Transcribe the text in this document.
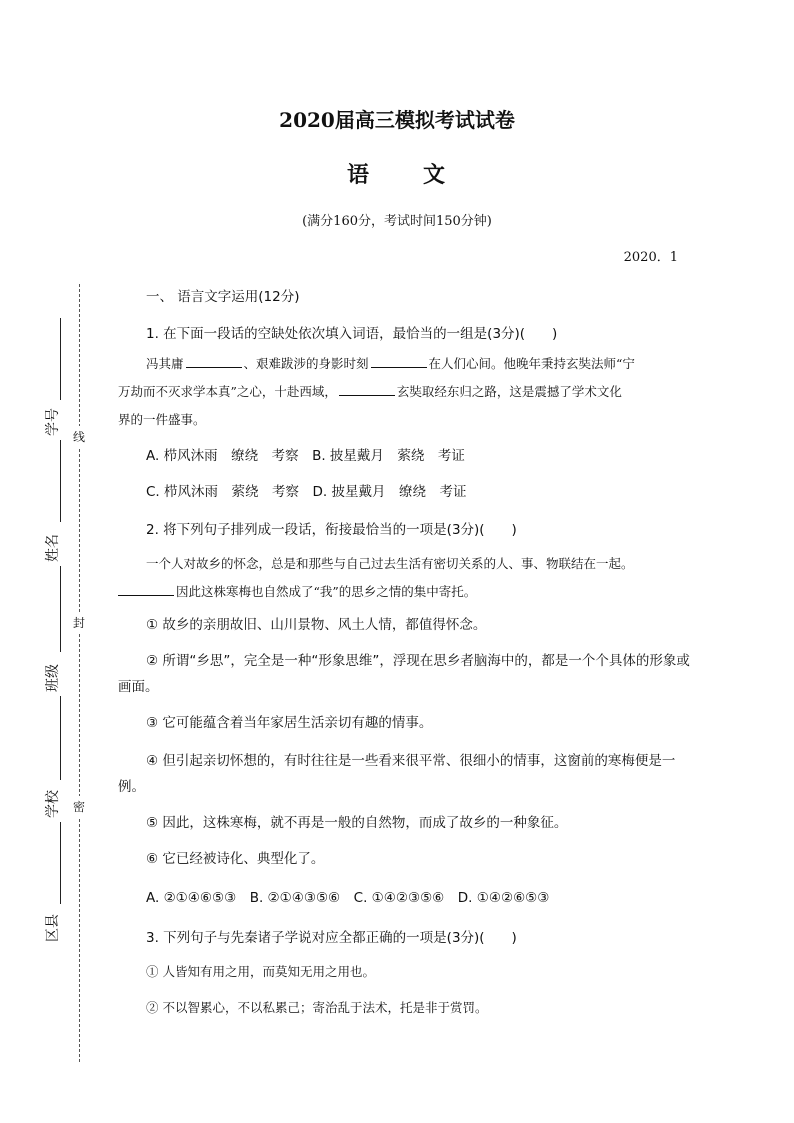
2020届高三模拟考试试卷
语 文
(满分160分，考试时间150分钟)
2020．1
线
封
密
学号
姓名
班级
学校
区县
一、 语言文字运用(12分)
1. 在下面一段话的空缺处依次填入词语，最恰当的一组是(3分)(　　)
冯其庸	、艰难跋涉的身影时刻	在人们心间。他晚年秉持玄奘法师“宁
万劫而不灭求学本真”之心，十赴西域，	玄奘取经东归之路，这是震撼了学术文化
界的一件盛事。
A. 栉风沐雨　缭绕　考察　B. 披星戴月　萦绕　考证
C. 栉风沐雨　萦绕　考察　D. 披星戴月　缭绕　考证
2. 将下列句子排列成一段话，衔接最恰当的一项是(3分)(　　)
一个人对故乡的怀念，总是和那些与自己过去生活有密切关系的人、事、物联结在一起。
因此这株寒梅也自然成了“我”的思乡之情的集中寄托。
① 故乡的亲朋故旧、山川景物、风土人情，都值得怀念。
② 所谓“乡思”，完全是一种“形象思维”，浮现在思乡者脑海中的，都是一个个具体的形象或画面。
③ 它可能蕴含着当年家居生活亲切有趣的情事。
④ 但引起亲切怀想的，有时往往是一些看来很平常、很细小的情事，这窗前的寒梅便是一例。
⑤ 因此，这株寒梅，就不再是一般的自然物，而成了故乡的一种象征。
⑥ 它已经被诗化、典型化了。
A. ②①④⑥⑤③　B. ②①④③⑤⑥　C. ①④②③⑤⑥　D. ①④②⑥⑤③
3. 下列句子与先秦诸子学说对应全都正确的一项是(3分)(　　)
① 人皆知有用之用，而莫知无用之用也。
② 不以智累心，不以私累己；寄治乱于法术，托是非于赏罚。
